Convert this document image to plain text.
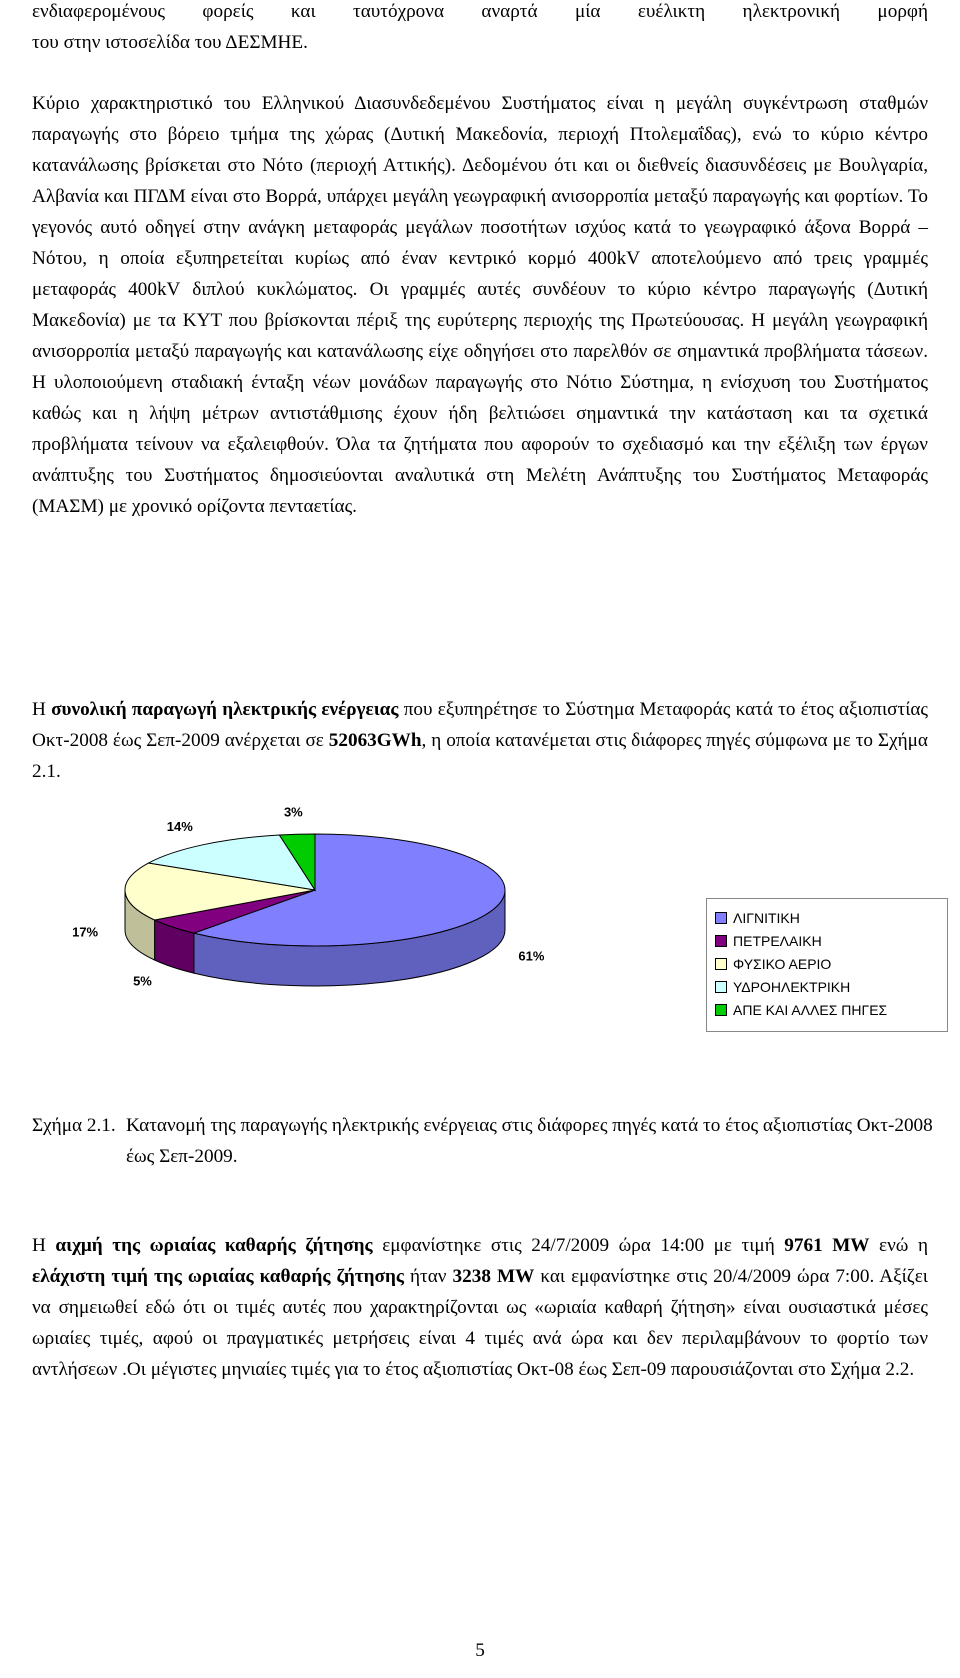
ενδιαφερομένους φορείς και ταυτόχρονα αναρτά μία ευέλικτη ηλεκτρονική μορφή
του στην ιστοσελίδα του ΔΕΣΜΗΕ.

Κύριο χαρακτηριστικό του Ελληνικού Διασυνδεδεμένου Συστήματος είναι η μεγάλη συγκέντρωση σταθμών παραγωγής στο βόρειο τμήμα της χώρας (Δυτική Μακεδονία, περιοχή Πτολεμαΐδας), ενώ το κύριο κέντρο κατανάλωσης βρίσκεται στο Νότο (περιοχή Αττικής). Δεδομένου ότι και οι διεθνείς διασυνδέσεις με Βουλγαρία, Αλβανία και ΠΓΔΜ είναι στο Βορρά, υπάρχει μεγάλη γεωγραφική ανισορροπία μεταξύ παραγωγής και φορτίων. Το γεγονός αυτό οδηγεί στην ανάγκη μεταφοράς μεγάλων ποσοτήτων ισχύος κατά το γεωγραφικό άξονα Βορρά – Νότου, η οποία εξυπηρετείται κυρίως από έναν κεντρικό κορμό 400kV αποτελούμενο από τρεις γραμμές μεταφοράς 400kV διπλού κυκλώματος. Οι γραμμές αυτές συνδέουν το κύριο κέντρο παραγωγής (Δυτική Μακεδονία) με τα ΚΥΤ που βρίσκονται πέριξ της ευρύτερης περιοχής της Πρωτεύουσας. Η μεγάλη γεωγραφική ανισορροπία μεταξύ παραγωγής και κατανάλωσης είχε οδηγήσει στο παρελθόν σε σημαντικά προβλήματα τάσεων. Η υλοποιούμενη σταδιακή ένταξη νέων μονάδων παραγωγής στο Νότιο Σύστημα, η ενίσχυση του Συστήματος καθώς και η λήψη μέτρων αντιστάθμισης έχουν ήδη βελτιώσει σημαντικά την κατάσταση και τα σχετικά προβλήματα τείνουν να εξαλειφθούν. Όλα τα ζητήματα που αφορούν το σχεδιασμό και την εξέλιξη των έργων ανάπτυξης του Συστήματος δημοσιεύονται αναλυτικά στη Μελέτη Ανάπτυξης του Συστήματος Μεταφοράς (ΜΑΣΜ) με χρονικό ορίζοντα πενταετίας.

Η συνολική παραγωγή ηλεκτρικής ενέργειας που εξυπηρέτησε το Σύστημα Μεταφοράς κατά το έτος αξιοπιστίας Οκτ-2008 έως Σεπ-2009 ανέρχεται σε 52063GWh, η οποία κατανέμεται στις διάφορες πηγές σύμφωνα με το Σχήμα 2.1.

Σχήμα 2.1. Κατανομή της παραγωγής ηλεκτρικής ενέργειας στις διάφορες πηγές κατά το έτος αξιοπιστίας Οκτ-2008 έως Σεπ-2009.

Η αιχμή της ωριαίας καθαρής ζήτησης εμφανίστηκε στις 24/7/2009 ώρα 14:00 με τιμή 9761 MW ενώ η ελάχιστη τιμή της ωριαίας καθαρής ζήτησης ήταν 3238 MW και εμφανίστηκε στις 20/4/2009 ώρα 7:00. Αξίζει να σημειωθεί εδώ ότι οι τιμές αυτές που χαρακτηρίζονται ως «ωριαία καθαρή ζήτηση» είναι ουσιαστικά μέσες ωριαίες τιμές, αφού οι πραγματικές μετρήσεις είναι 4 τιμές ανά ώρα και δεν περιλαμβάνουν το φορτίο των αντλήσεων .Οι μέγιστες μηνιαίες τιμές για το έτος αξιοπιστίας Οκτ-08 έως Σεπ-09 παρουσιάζονται στο Σχήμα 2.2.

61%
5%
17%
14%
3%
ΛΙΓΝΙΤΙΚΗ
ΠΕΤΡΕΛΑΙΚΗ
ΦΥΣΙΚΟ ΑΕΡΙΟ
ΥΔΡΟΗΛΕΚΤΡΙΚΗ
ΑΠΕ ΚΑΙ ΑΛΛΕΣ ΠΗΓΕΣ
5
